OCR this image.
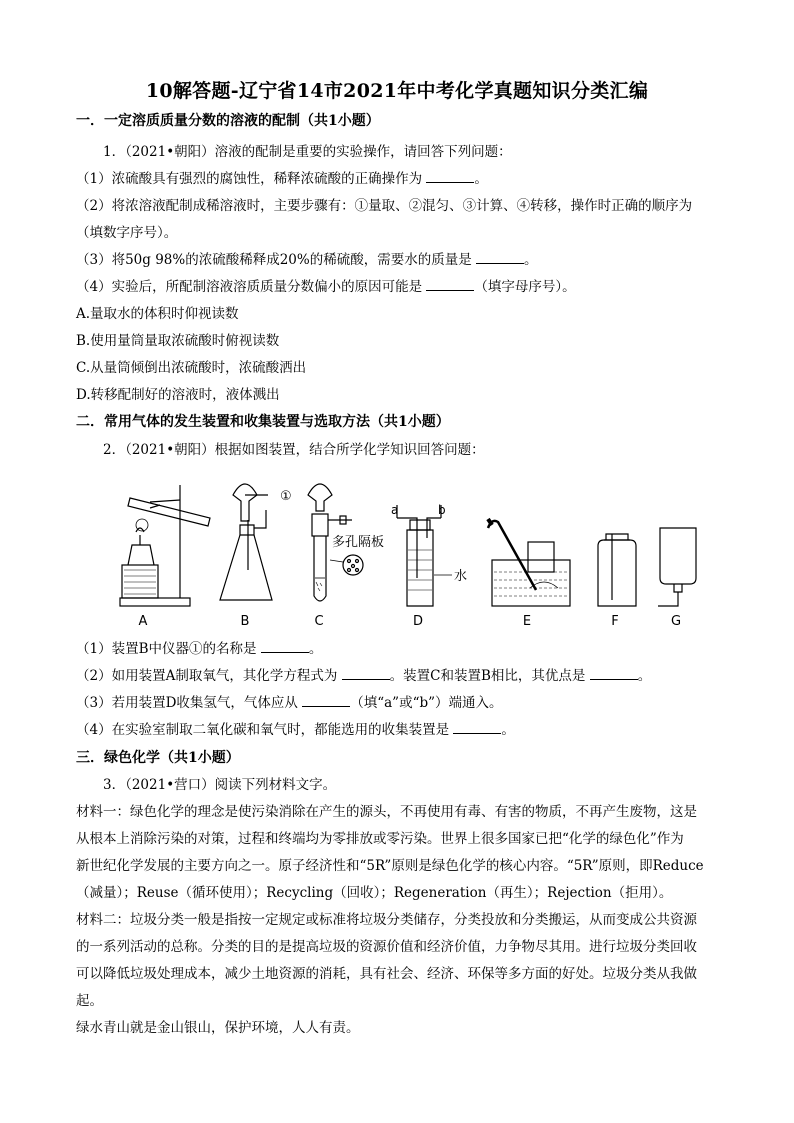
10解答题-辽宁省14市2021年中考化学真题知识分类汇编
一．一定溶质质量分数的溶液的配制（共1小题）
1．（2021•朝阳）溶液的配制是重要的实验操作，请回答下列问题：
（1）浓硫酸具有强烈的腐蚀性，稀释浓硫酸的正确操作为	。
（2）将浓溶液配制成稀溶液时，主要步骤有：①量取、②混匀、③计算、④转移，操作时正确的顺序为
（填数字序号）。
（3）将50g 98%的浓硫酸稀释成20%的稀硫酸，需要水的质量是	。
（4）实验后，所配制溶液溶质质量分数偏小的原因可能是	（填字母序号）。
A.量取水的体积时仰视读数
B.使用量筒量取浓硫酸时俯视读数
C.从量筒倾倒出浓硫酸时，浓硫酸洒出
D.转移配制好的溶液时，液体溅出
二．常用气体的发生装置和收集装置与选取方法（共1小题）
2．（2021•朝阳）根据如图装置，结合所学化学知识回答问题：
①
a	b
多孔隔板
水
A	B	C	D	E	F	G
（1）装置B中仪器①的名称是	。
（2）如用装置A制取氧气，其化学方程式为	。装置C和装置B相比，其优点是	。
（3）若用装置D收集氢气，气体应从	（填“a”或“b”）端通入。
（4）在实验室制取二氧化碳和氧气时，都能选用的收集装置是	。
三．绿色化学（共1小题）
3．（2021•营口）阅读下列材料文字。
材料一：绿色化学的理念是使污染消除在产生的源头，不再使用有毒、有害的物质，不再产生废物，这是
从根本上消除污染的对策，过程和终端均为零排放或零污染。世界上很多国家已把“化学的绿色化”作为
新世纪化学发展的主要方向之一。原子经济性和“5R”原则是绿色化学的核心内容。“5R”原则，即Reduce
（减量）；Reuse（循环使用）；Recycling（回收）；Regeneration（再生）；Rejection（拒用）。
材料二：垃圾分类一般是指按一定规定或标准将垃圾分类储存，分类投放和分类搬运，从而变成公共资源
的一系列活动的总称。分类的目的是提高垃圾的资源价值和经济价值，力争物尽其用。进行垃圾分类回收
可以降低垃圾处理成本，减少土地资源的消耗，具有社会、经济、环保等多方面的好处。垃圾分类从我做
起。
绿水青山就是金山银山，保护环境，人人有责。
